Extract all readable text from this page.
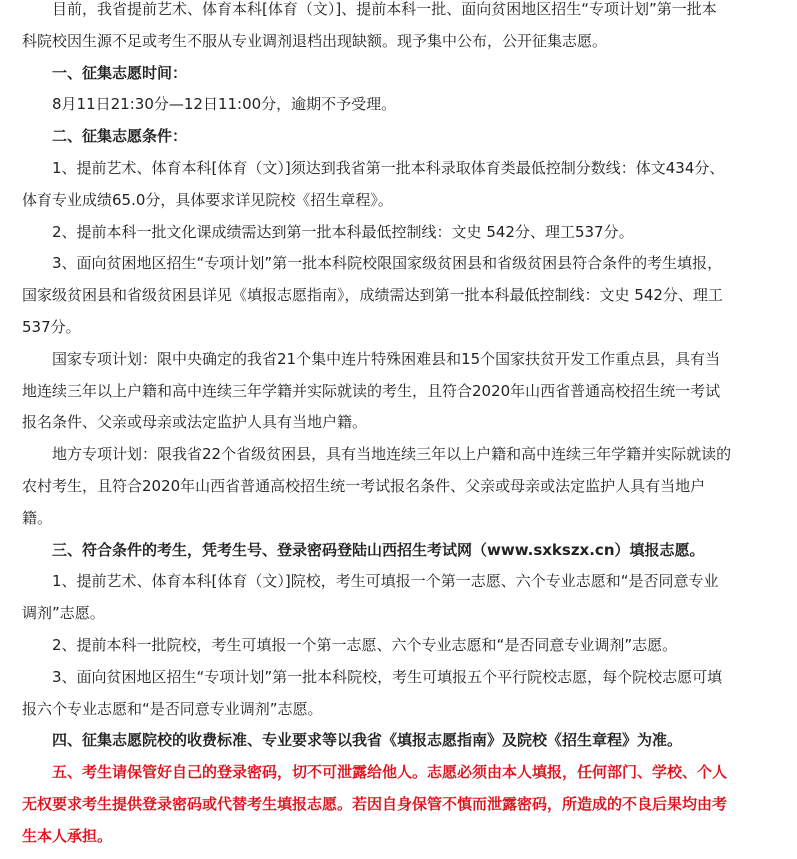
目前，我省提前艺术、体育本科[体育（文）]、提前本科一批、面向贫困地区招生“专项计划”第一批本

科院校因生源不足或考生不服从专业调剂退档出现缺额。现予集中公布，公开征集志愿。

一、征集志愿时间：

8月11日21:30分—12日11:00分，逾期不予受理。

二、征集志愿条件：

1、提前艺术、体育本科[体育（文）]须达到我省第一批本科录取体育类最低控制分数线：体文434分、

体育专业成绩65.0分，具体要求详见院校《招生章程》。

2、提前本科一批文化课成绩需达到第一批本科最低控制线：文史 542分、理工537分。

3、面向贫困地区招生“专项计划”第一批本科院校限国家级贫困县和省级贫困县符合条件的考生填报，

国家级贫困县和省级贫困县详见《填报志愿指南》，成绩需达到第一批本科最低控制线：文史 542分、理工

537分。

国家专项计划：限中央确定的我省21个集中连片特殊困难县和15个国家扶贫开发工作重点县，具有当

地连续三年以上户籍和高中连续三年学籍并实际就读的考生，且符合2020年山西省普通高校招生统一考试

报名条件、父亲或母亲或法定监护人具有当地户籍。

地方专项计划：限我省22个省级贫困县，具有当地连续三年以上户籍和高中连续三年学籍并实际就读的

农村考生，且符合2020年山西省普通高校招生统一考试报名条件、父亲或母亲或法定监护人具有当地户

籍。

三、符合条件的考生，凭考生号、登录密码登陆山西招生考试网（www.sxkszx.cn）填报志愿。

1、提前艺术、体育本科[体育（文）]院校，考生可填报一个第一志愿、六个专业志愿和“是否同意专业

调剂”志愿。

2、提前本科一批院校，考生可填报一个第一志愿、六个专业志愿和“是否同意专业调剂”志愿。

3、面向贫困地区招生“专项计划”第一批本科院校，考生可填报五个平行院校志愿，每个院校志愿可填

报六个专业志愿和“是否同意专业调剂”志愿。

四、征集志愿院校的收费标准、专业要求等以我省《填报志愿指南》及院校《招生章程》为准。

五、考生请保管好自己的登录密码，切不可泄露给他人。志愿必须由本人填报，任何部门、学校、个人

无权要求考生提供登录密码或代替考生填报志愿。若因自身保管不慎而泄露密码，所造成的不良后果均由考

生本人承担。
